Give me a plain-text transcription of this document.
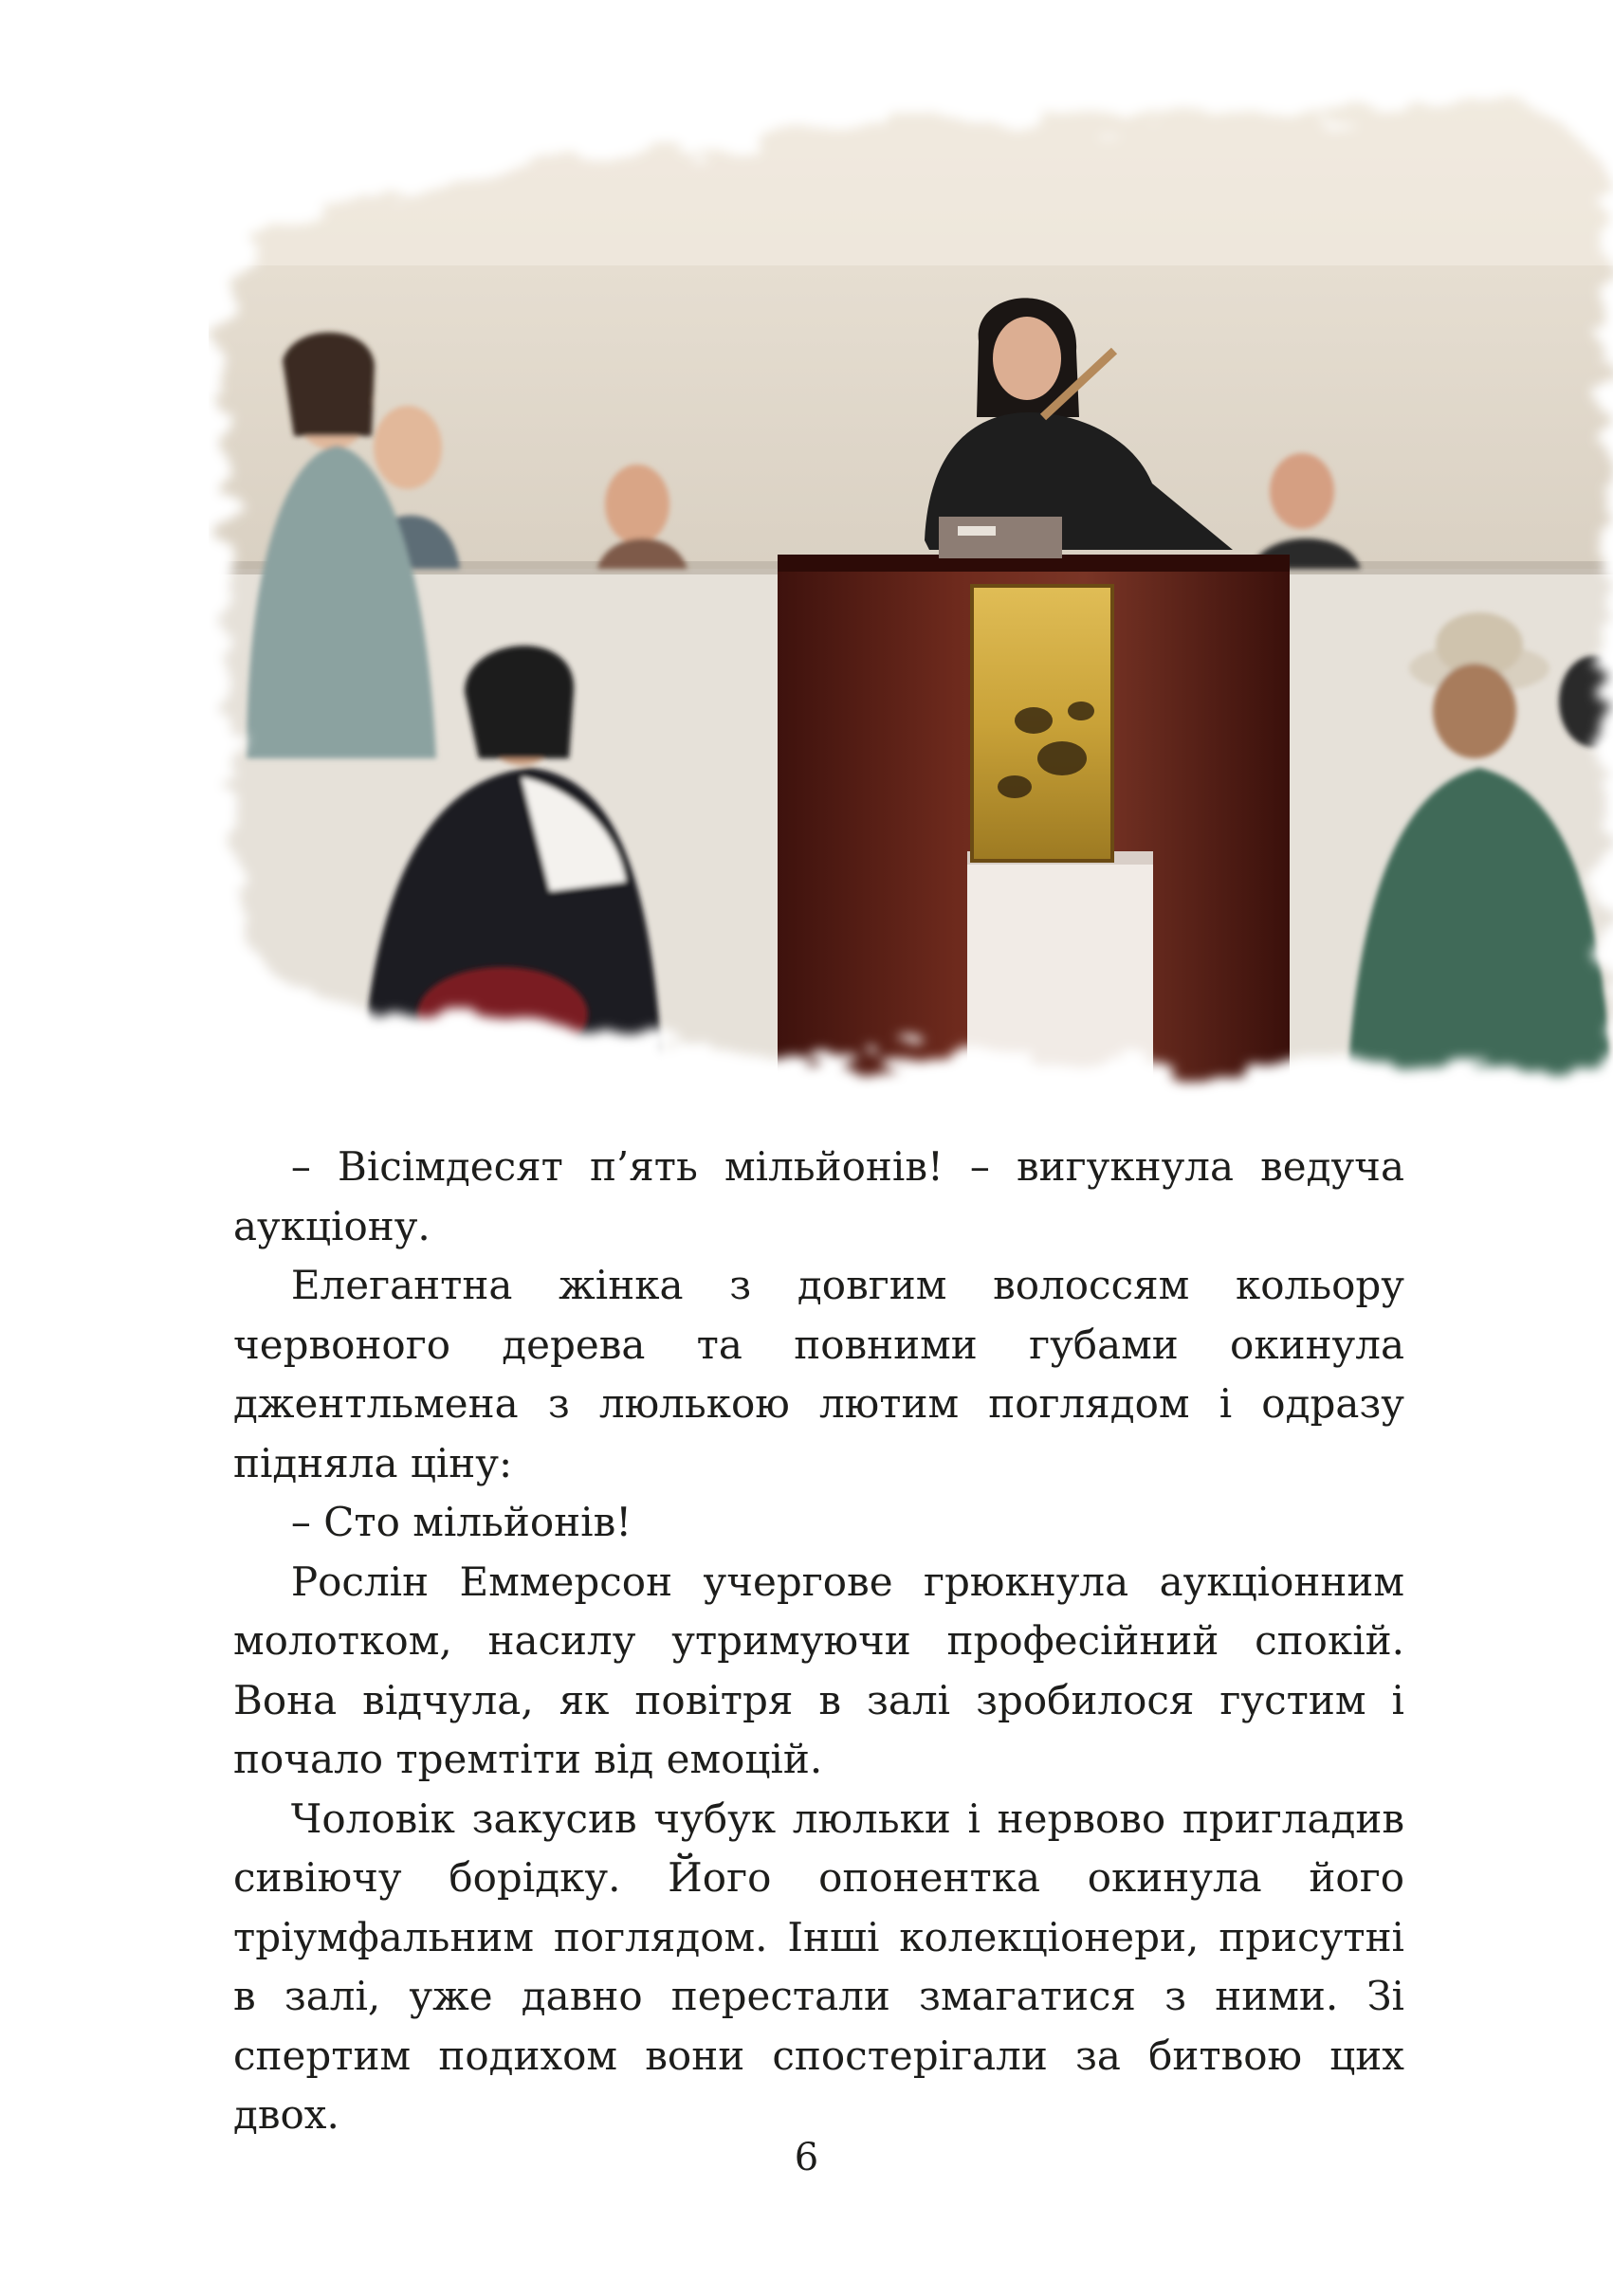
– Вісімдесят п’ять мільйонів! – вигукнула ведуча аукціону.

Елегантна жінка з довгим волоссям кольору червоного дерева та повними губами окинула джентльмена з люлькою лютим поглядом і одразу підняла ціну:

– Сто мільйонів!

Рослін Еммерсон учергове грюкнула аукціонним молотком, насилу утримуючи професійний спокій. Вона відчула, як повітря в залі зробилося густим і почало тремтіти від емоцій.

Чоловік закусив чубук люльки і нервово пригладив сивіючу борідку. Його опонентка окинула його тріумфальним поглядом. Інші колекціонери, присутні в залі, уже давно перестали змагатися з ними. Зі спертим подихом вони спостерігали за битвою цих двох.

6
